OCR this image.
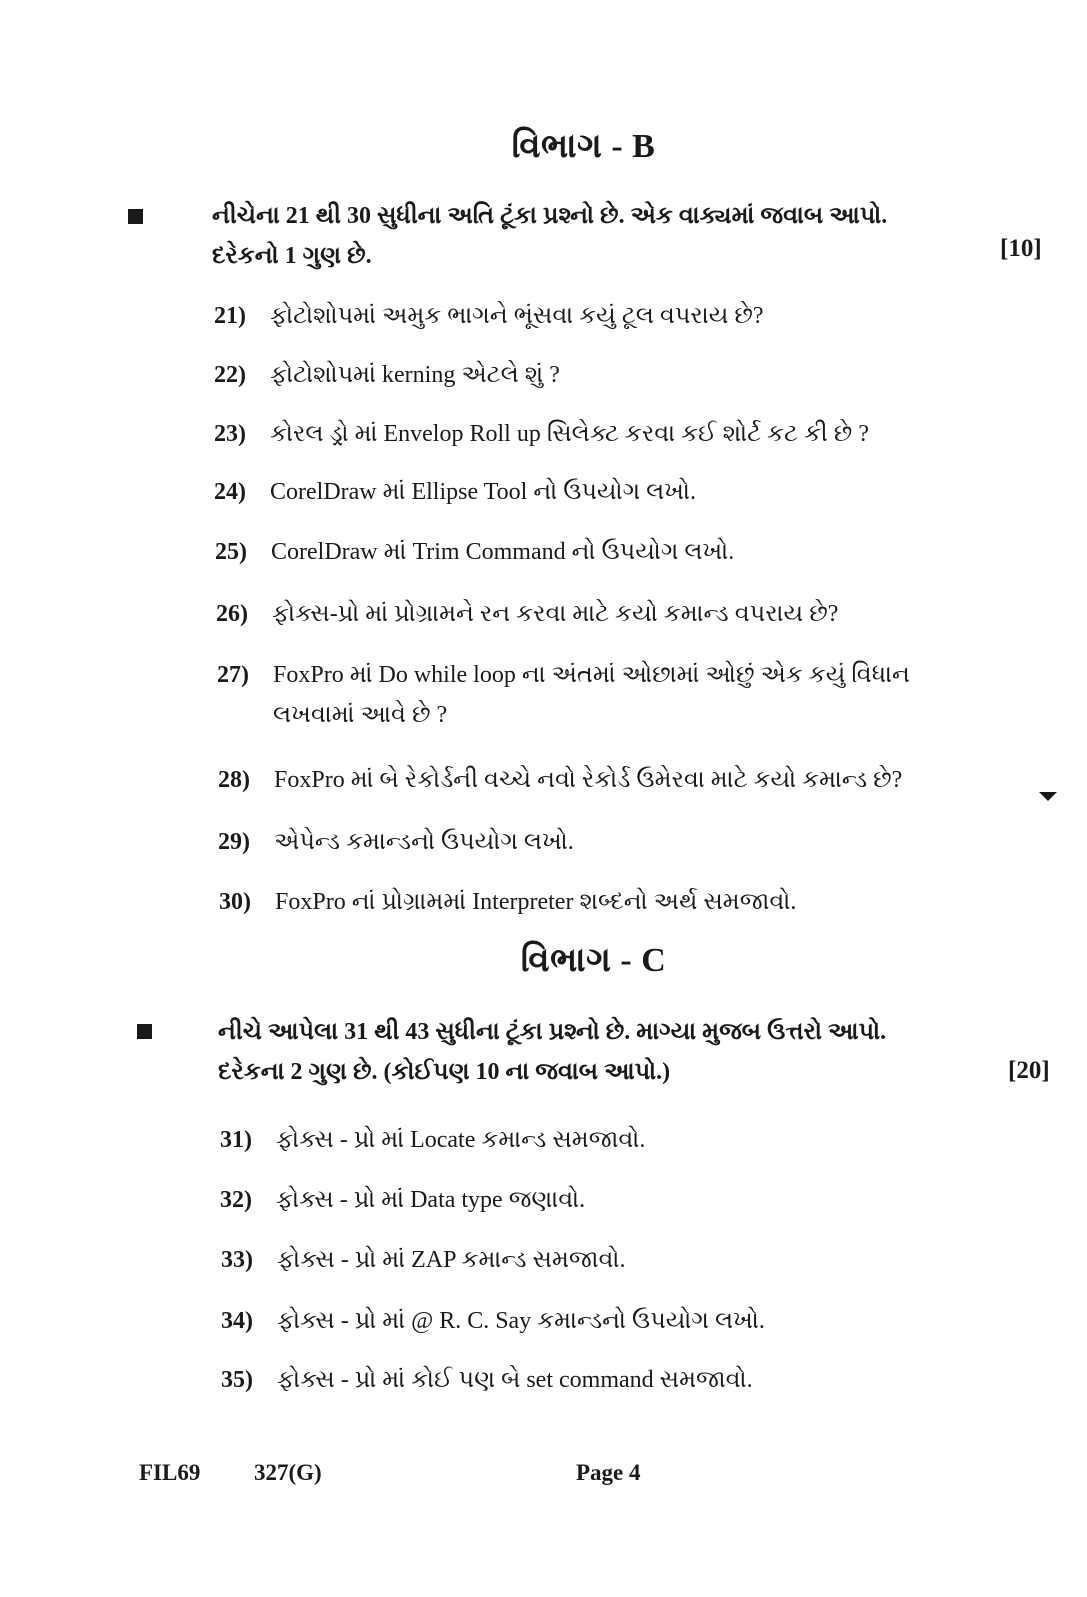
વિભાગ - B
નીચેના 21 થી 30 સુધીના અતિ ટૂંકા પ્રશ્નો છે. એક વાક્યમાં જવાબ આપો.
દરેકનો 1 ગુણ છે.	[10]
21) ફોટોશોપમાં અમુક ભાગને ભૂંસવા કયું ટૂલ વપરાય છે?
22) ફોટોશોપમાં kerning એટલે શું ?
23) કોરલ ડ્રો માં Envelop Roll up સિલેક્ટ કરવા કઈ શોર્ટ કટ કી છે ?
24) CorelDraw માં Ellipse Tool નો ઉપયોગ લખો.
25) CorelDraw માં Trim Command નો ઉપયોગ લખો.
26) ફોક્સ-પ્રો માં પ્રોગ્રામને રન કરવા માટે કયો કમાન્ડ વપરાય છે?
27) FoxPro માં Do while loop ના અંતમાં ઓછામાં ઓછું એક કયું વિધાન
લખવામાં આવે છે ?
28) FoxPro માં બે રેકોર્ડની વચ્ચે નવો રેકોર્ડ ઉમેરવા માટે કયો કમાન્ડ છે?
29) એપેન્ડ કમાન્ડનો ઉપયોગ લખો.
30) FoxPro નાં પ્રોગ્રામમાં Interpreter શબ્દનો અર્થ સમજાવો.
વિભાગ - C
નીચે આપેલા 31 થી 43 સુધીના ટૂંકા પ્રશ્નો છે. માગ્યા મુજબ ઉત્તરો આપો.
દરેકના 2 ગુણ છે. (કોઈપણ 10 ના જવાબ આપો.)	[20]
31) ફોક્સ - પ્રો માં Locate કમાન્ડ સમજાવો.
32) ફોક્સ - પ્રો માં Data type જણાવો.
33) ફોક્સ - પ્રો માં ZAP કમાન્ડ સમજાવો.
34) ફોક્સ - પ્રો માં @ R. C. Say કમાન્ડનો ઉપયોગ લખો.
35) ફોક્સ - પ્રો માં કોઈ પણ બે set command સમજાવો.
FIL69 327(G)	Page 4
